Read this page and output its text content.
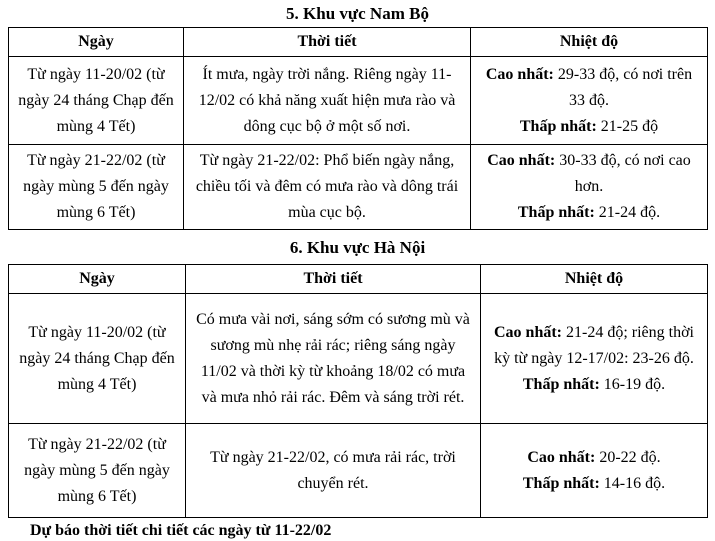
5. Khu vực Nam Bộ
Ngày	Thời tiết	Nhiệt độ
Từ ngày 11-20/02 (từ ngày 24 tháng Chạp đến mùng 4 Tết)	Ít mưa, ngày trời nắng. Riêng ngày 11-12/02 có khả năng xuất hiện mưa rào và dông cục bộ ở một số nơi.	Cao nhất: 29-33 độ, có nơi trên 33 độ.
Thấp nhất: 21-25 độ

Từ ngày 21-22/02 (từ ngày mùng 5 đến ngày mùng 6 Tết)	Từ ngày 21-22/02: Phổ biến ngày nắng, chiều tối và đêm có mưa rào và dông trái mùa cục bộ.	Cao nhất: 30-33 độ, có nơi cao hơn.
Thấp nhất: 21-24 độ.
6. Khu vực Hà Nội
Ngày	Thời tiết	Nhiệt độ
Từ ngày 11-20/02 (từ ngày 24 tháng Chạp đến mùng 4 Tết)	Có mưa vài nơi, sáng sớm có sương mù và sương mù nhẹ rải rác; riêng sáng ngày 11/02 và thời kỳ từ khoảng 18/02 có mưa và mưa nhỏ rải rác. Đêm và sáng trời rét.	Cao nhất: 21-24 độ; riêng thời kỳ từ ngày 12-17/02: 23-26 độ.
Thấp nhất: 16-19 độ.

Từ ngày 21-22/02 (từ ngày mùng 5 đến ngày mùng 6 Tết)	Từ ngày 21-22/02, có mưa rải rác, trời chuyển rét.	Cao nhất: 20-22 độ.
Thấp nhất: 14-16 độ.
Dự báo thời tiết chi tiết các ngày từ 11-22/02
